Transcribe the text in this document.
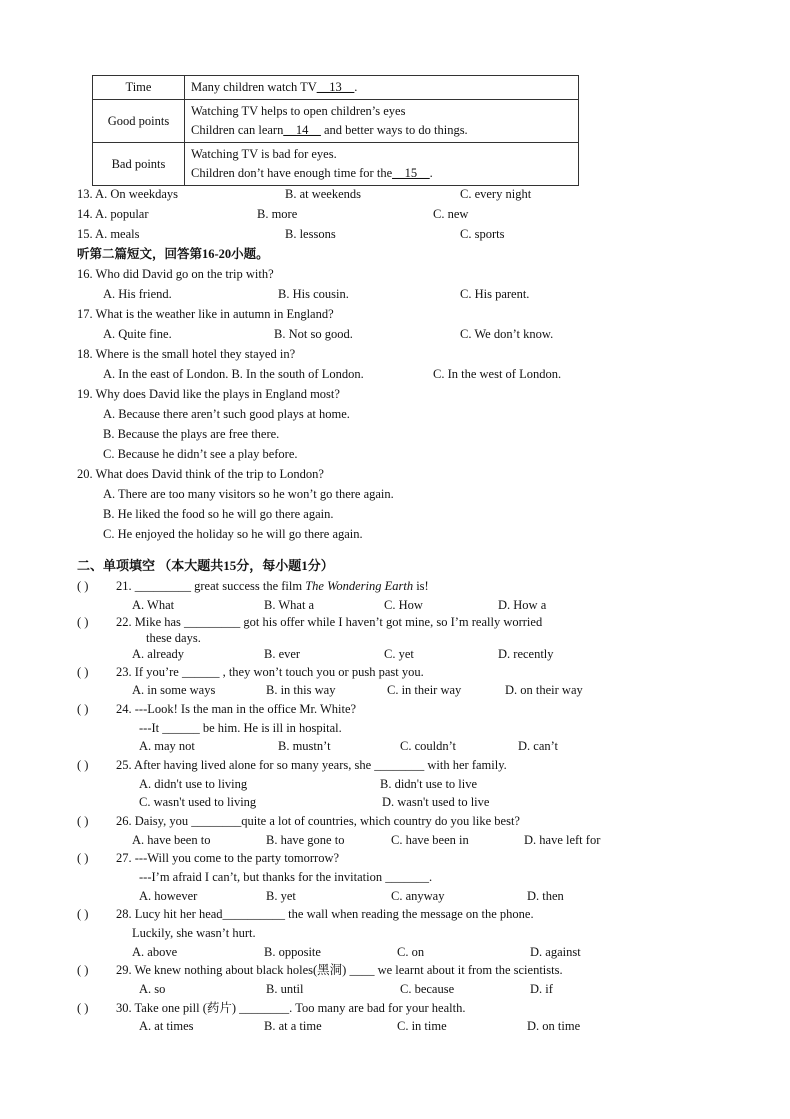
Time	Many children watch TV__13__.
Good points	Watching TV helps to open children’s eyes
Children can learn__14__ and better ways to do things.

Bad points	Watching TV is bad for eyes.
Children don’t have enough time for the__15__.
13. A. On weekdays	B. at weekends	C. every night
14. A. popular	B. more	C. new
15. A. meals	B. lessons	C. sports
听第二篇短文，回答第16-20小题。
16. Who did David go on the trip with?
A. His friend.	B. His cousin.	C. His parent.
17. What is the weather like in autumn in England?
A. Quite fine.	B. Not so good.	C. We don’t know.
18. Where is the small hotel they stayed in?
A. In the east of London. B. In the south of London.	C. In the west of London.
19. Why does David like the plays in England most?
A. Because there aren’t such good plays at home.
B. Because the plays are free there.
C. Because he didn’t see a play before.
20. What does David think of the trip to London?
A. There are too many visitors so he won’t go there again.
B. He liked the food so he will go there again.
C. He enjoyed the holiday so he will go there again.
二、单项填空 （本大题共15分，每小题1分）
( ) 21. _________ great success the film The Wondering Earth is!
A. What	B. What a	C. How	D. How a
( ) 22. Mike has _________ got his offer while I haven’t got mine, so I’m really worried
these days.
A. already	B. ever	C. yet	D. recently
( ) 23. If you’re ______ , they won’t touch you or push past you.
A. in some ways	B. in this way	C. in their way	D. on their way
( ) 24. ---Look! Is the man in the office Mr. White?
---It ______ be him. He is ill in hospital.
A. may not	B. mustn’t	C. couldn’t	D. can’t
( ) 25. After having lived alone for so many years, she ________ with her family.
A. didn't use to living	B. didn't use to live
C. wasn't used to living	D. wasn't used to live
( ) 26. Daisy, you ________quite a lot of countries, which country do you like best?
A. have been to	B. have gone to	C. have been in	D. have left for
( ) 27. ---Will you come to the party tomorrow?
---I’m afraid I can’t, but thanks for the invitation _______.
A. however	B. yet	C. anyway	D. then
( ) 28. Lucy hit her head__________ the wall when reading the message on the phone.
Luckily, she wasn’t hurt.
A. above	B. opposite	C. on	D. against
( ) 29. We knew nothing about black holes(黑洞) ____ we learnt about it from the scientists.
A. so	B. until	C. because	D. if
( ) 30. Take one pill (药片) ________. Too many are bad for your health.
A. at times	B. at a time	C. in time	D. on time
